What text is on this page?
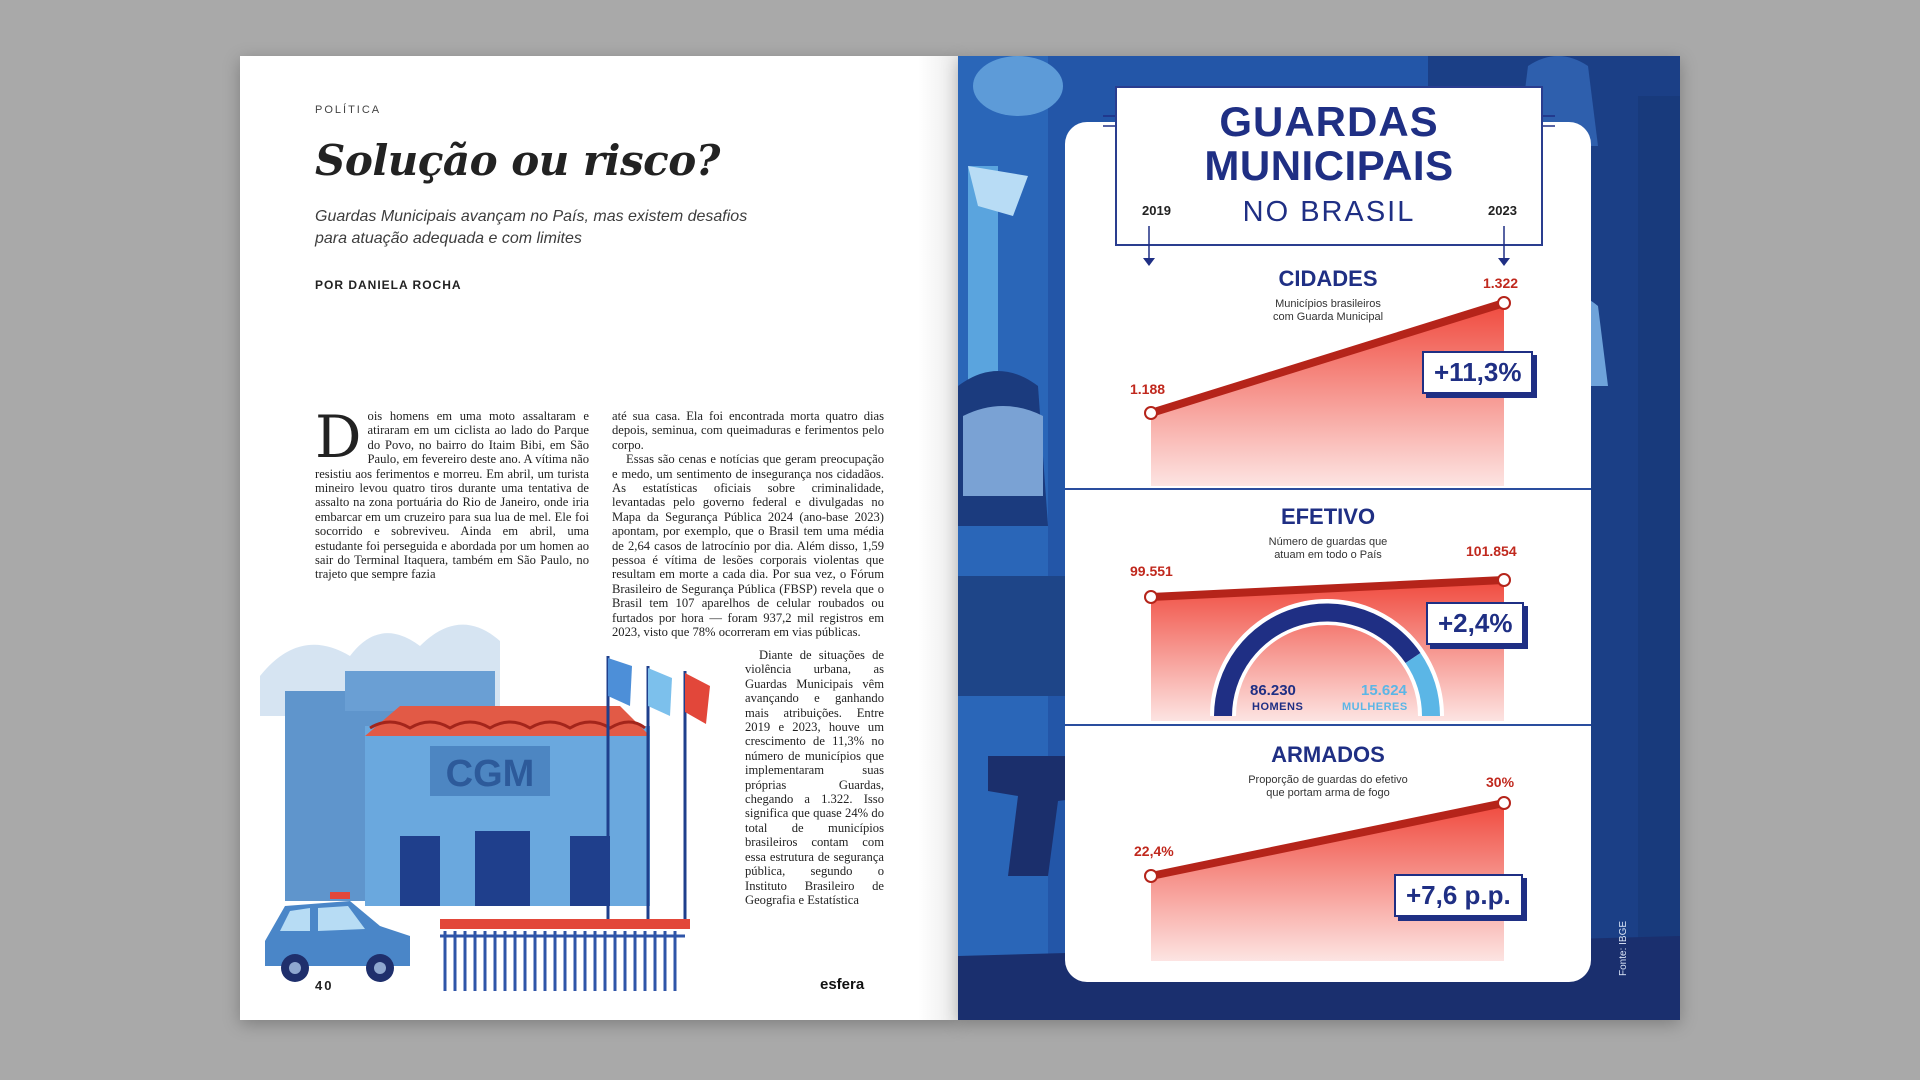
POLÍTICA
Solução ou risco?
Guardas Municipais avançam no País, mas existem desafios para atuação adequada e com limites
POR DANIELA ROCHA
D ois homens em uma moto assaltaram e atiraram em um ciclista ao lado do Parque do Povo, no bairro do Itaim Bibi, em São Paulo, em fevereiro deste ano. A vítima não resistiu aos ferimentos e morreu. Em abril, um turista mineiro levou quatro tiros durante uma tentativa de assalto na zona portuária do Rio de Janeiro, onde iria embarcar em um cruzeiro para sua lua de mel. Ele foi socorrido e sobreviveu. Ainda em abril, uma estudante foi perseguida e abordada por um homen ao sair do Terminal Itaquera, também em São Paulo, no trajeto que sempre fazia

até sua casa. Ela foi encontrada morta quatro dias depois, seminua, com queimaduras e ferimentos pelo corpo.

Essas são cenas e notícias que geram preocupação e medo, um sentimento de insegurança nos cidadãos. As estatísticas oficiais sobre criminalidade, levantadas pelo governo federal e divulgadas no Mapa da Segurança Pública 2024 (ano-base 2023) apontam, por exemplo, que o Brasil tem uma média de 2,64 casos de latrocínio por dia. Além disso, 1,59 pessoa é vítima de lesões corporais violentas que resultam em morte a cada dia. Por sua vez, o Fórum Brasileiro de Segurança Pública (FBSP) revela que o Brasil tem 107 aparelhos de celular roubados ou furtados por hora — foram 937,2 mil registros em 2023, visto que 78% ocorreram em vias públicas.

Diante de situações de violência urbana, as Guardas Municipais vêm avançando e ganhando mais atribuições. Entre 2019 e 2023, houve um crescimento de 11,3% no número de municípios que implementaram suas próprias Guardas, chegando a 1.322. Isso significa que quase 24% do total de municípios brasileiros contam com essa estrutura de segurança pública, segundo o Instituto Brasileiro de Geografia e Estatística

CGM
40	esfera
GUARDAS
MUNICIPAIS
NO BRASIL
2019	2023
CIDADES
Municípios brasileiros
com Guarda Municipal
1.188
1.322
+11,3%
EFETIVO
Número de guardas que
atuam em todo o País
99.551
101.854
+2,4%
86.230
HOMENS
15.624
MULHERES
ARMADOS
Proporção de guardas do efetivo
que portam arma de fogo
22,4%
30%
+7,6 p.p.
Fonte: IBGE
